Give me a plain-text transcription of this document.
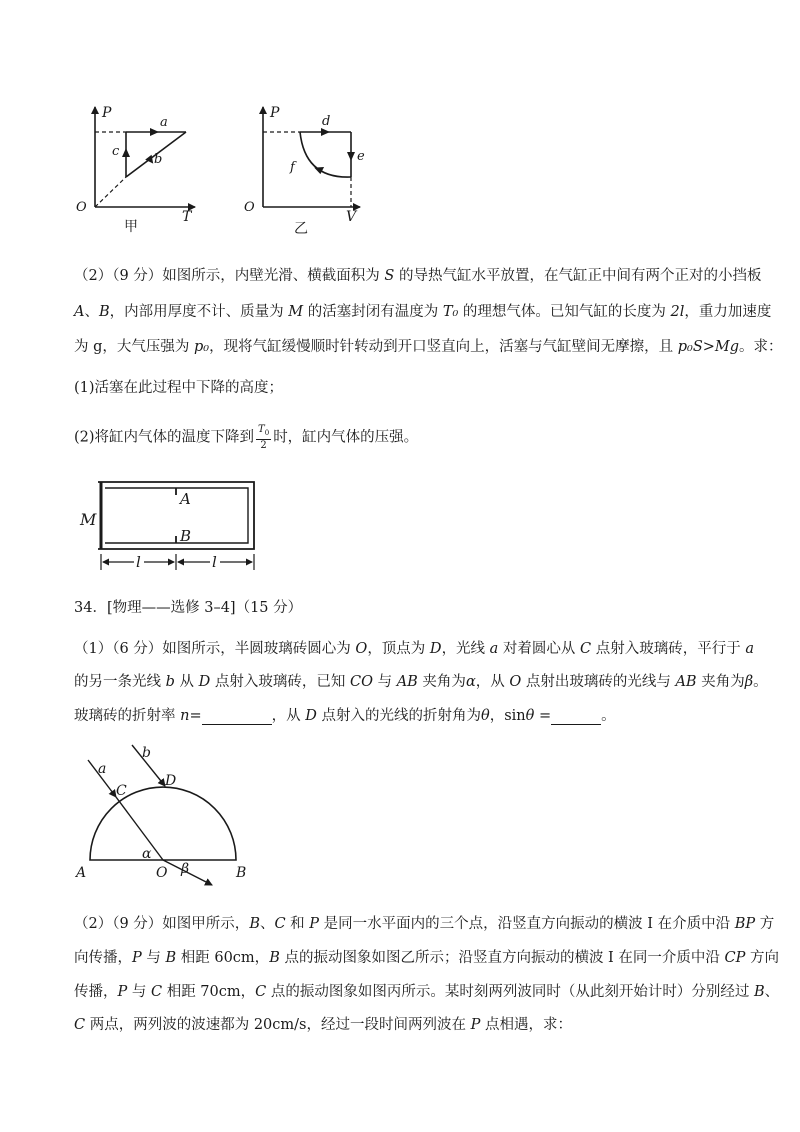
P
a
c
b
O
T
甲
P
d
e
f
O
V
乙
（2）（9 分）如图所示，内壁光滑、横截面积为 S 的导热气缸水平放置，在气缸正中间有两个正对的小挡板
A、B，内部用厚度不计、质量为 M 的活塞封闭有温度为 T₀ 的理想气体。已知气缸的长度为 2l，重力加速度
为 g，大气压强为 p₀，现将气缸缓慢顺时针转动到开口竖直向上，活塞与气缸壁间无摩擦，且 p₀S>Mg。求：
(1)活塞在此过程中下降的高度；
(2)将缸内气体的温度下降到 $\frac{T_0}{2}$ 时，缸内气体的压强。
M
A
B
l	l
34．[物理——选修 3–4]（15 分）
（1）（6 分）如图所示，半圆玻璃砖圆心为 O，顶点为 D，光线 a 对着圆心从 C 点射入玻璃砖，平行于 a
的另一条光线 b 从 D 点射入玻璃砖，已知 CO 与 AB 夹角为α，从 O 点射出玻璃砖的光线与 AB 夹角为β。
玻璃砖的折射率 n=	，从 D 点射入的光线的折射角为θ，sinθ =	。
a
b
C
D
α
β
A	O	B
（2）（9 分）如图甲所示，B、C 和 P 是同一水平面内的三个点，沿竖直方向振动的横波 I 在介质中沿 BP 方
向传播，P 与 B 相距 60cm，B 点的振动图象如图乙所示；沿竖直方向振动的横波 I 在同一介质中沿 CP 方向
传播，P 与 C 相距 70cm，C 点的振动图象如图丙所示。某时刻两列波同时（从此刻开始计时）分别经过 B、
C 两点，两列波的波速都为 20cm/s，经过一段时间两列波在 P 点相遇，求：
